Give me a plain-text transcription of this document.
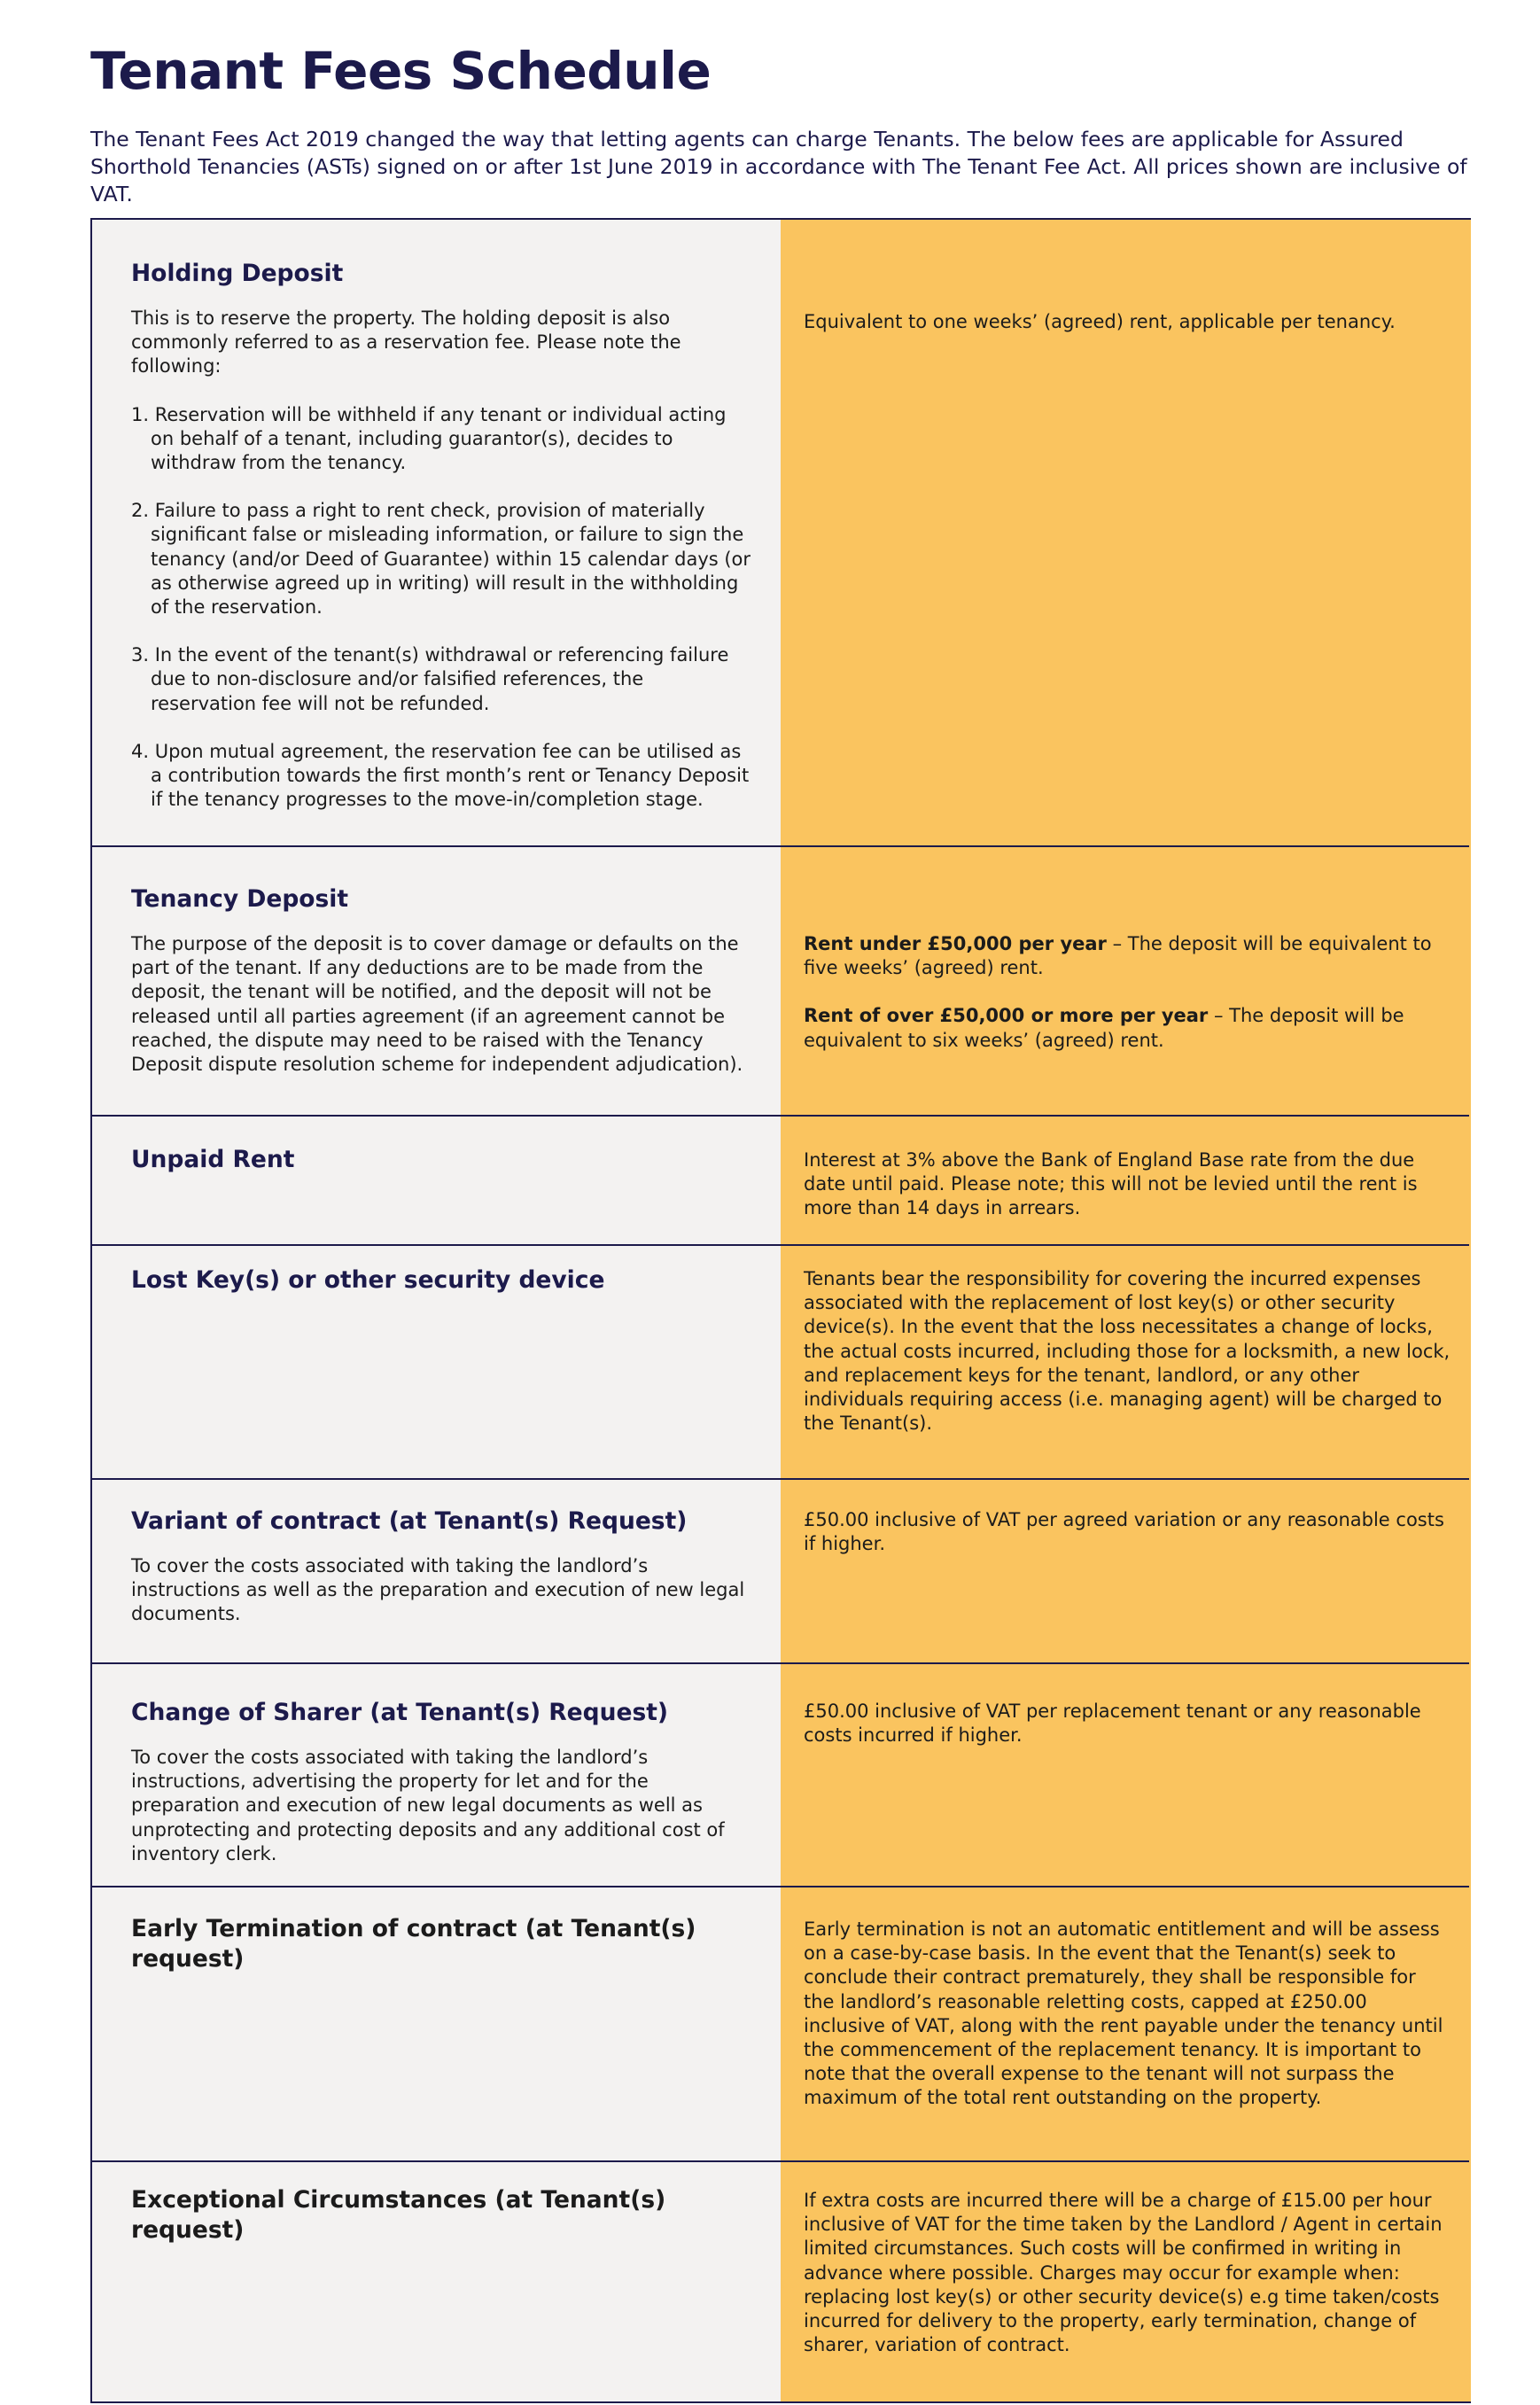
Tenant Fees Schedule

The Tenant Fees Act 2019 changed the way that letting agents can charge Tenants. The below fees are applicable for Assured Shorthold Tenancies (ASTs) signed on or after 1st June 2019 in accordance with The Tenant Fee Act. All prices shown are inclusive of VAT.

Holding Deposit

This is to reserve the property. The holding deposit is also commonly referred to as a reservation fee. Please note the following:

1. Reservation will be withheld if any tenant or individual acting on behalf of a tenant, including guarantor(s), decides to withdraw from the tenancy.
2. Failure to pass a right to rent check, provision of materially significant false or misleading information, or failure to sign the tenancy (and/or Deed of Guarantee) within 15 calendar days (or as otherwise agreed up in writing) will result in the withholding of the reservation.
3. In the event of the tenant(s) withdrawal or referencing failure due to non-disclosure and/or falsified references, the reservation fee will not be refunded.
4. Upon mutual agreement, the reservation fee can be utilised as a contribution towards the first month’s rent or Tenancy Deposit if the tenancy progresses to the move-in/completion stage.

Equivalent to one weeks’ (agreed) rent, applicable per tenancy.

Tenancy Deposit

The purpose of the deposit is to cover damage or defaults on the part of the tenant. If any deductions are to be made from the deposit, the tenant will be notified, and the deposit will not be released until all parties agreement (if an agreement cannot be reached, the dispute may need to be raised with the Tenancy Deposit dispute resolution scheme for independent adjudication).

Rent under £50,000 per year – The deposit will be equivalent to five weeks’ (agreed) rent.

Rent of over £50,000 or more per year – The deposit will be equivalent to six weeks’ (agreed) rent.

Unpaid Rent	Interest at 3% above the Bank of England Base rate from the due date until paid. Please note; this will not be levied until the rent is more than 14 days in arrears.

Lost Key(s) or other security device	Tenants bear the responsibility for covering the incurred expenses associated with the replacement of lost key(s) or other security device(s). In the event that the loss necessitates a change of locks, the actual costs incurred, including those for a locksmith, a new lock, and replacement keys for the tenant, landlord, or any other individuals requiring access (i.e. managing agent) will be charged to the Tenant(s).

Variant of contract (at Tenant(s) Request)

To cover the costs associated with taking the landlord’s instructions as well as the preparation and execution of new legal documents.

£50.00 inclusive of VAT per agreed variation or any reasonable costs if higher.

Change of Sharer (at Tenant(s) Request)

To cover the costs associated with taking the landlord’s instructions, advertising the property for let and for the preparation and execution of new legal documents as well as unprotecting and protecting deposits and any additional cost of inventory clerk.

£50.00 inclusive of VAT per replacement tenant or any reasonable costs incurred if higher.

Early Termination of contract (at Tenant(s) request)

Early termination is not an automatic entitlement and will be assess on a case-by-case basis. In the event that the Tenant(s) seek to conclude their contract prematurely, they shall be responsible for the landlord’s reasonable reletting costs, capped at £250.00 inclusive of VAT, along with the rent payable under the tenancy until the commencement of the replacement tenancy. It is important to note that the overall expense to the tenant will not surpass the maximum of the total rent outstanding on the property.

Exceptional Circumstances (at Tenant(s) request)

If extra costs are incurred there will be a charge of £15.00 per hour inclusive of VAT for the time taken by the Landlord / Agent in certain limited circumstances. Such costs will be confirmed in writing in advance where possible. Charges may occur for example when: replacing lost key(s) or other security device(s) e.g time taken/costs incurred for delivery to the property, early termination, change of sharer, variation of contract.
